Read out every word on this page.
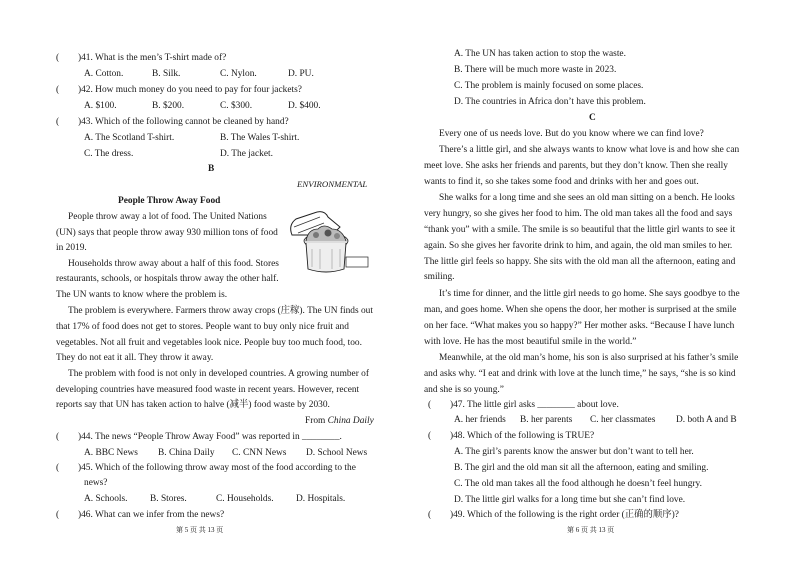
( )41. What is the men’s T-shirt made of?
A. Cotton.	B. Silk.	C. Nylon.	D. PU.
( )42. How much money do you need to pay for four jackets?
A. $100.	B. $200.	C. $300.	D. $400.
( )43. Which of the following cannot be cleaned by hand?
A. The Scotland T-shirt.	B. The Wales T-shirt.
C. The dress.	D. The jacket.
B
ENVIRONMENTAL
People Throw Away Food
People throw away a lot of food. The United Nations
(UN) says that people throw away 930 million tons of food
in 2019.
Households throw away about a half of this food. Stores
restaurants, schools, or hospitals throw away the other half.
The UN wants to know where the problem is.
The problem is everywhere. Farmers throw away crops (庄稼). The UN finds out
that 17% of food does not get to stores. People want to buy only nice fruit and
vegetables. Not all fruit and vegetables look nice. People buy too much food, too.
They do not eat it all. They throw it away.
The problem with food is not only in developed countries. A growing number of
developing countries have measured food waste in recent years. However, recent
reports say that UN has taken action to halve (减半) food waste by 2030.
From China Daily
( )44. The news “People Throw Away Food” was reported in ________.
A. BBC News B. China Daily C. CNN News D. School News
( )45. Which of the following throw away most of the food according to the
news?
A. Schools. B. Stores.	C. Households. D. Hospitals.
( )46. What can we infer from the news?
第 5 页 共 13 页
A. The UN has taken action to stop the waste.
B. There will be much more waste in 2023.
C. The problem is mainly focused on some places.
D. The countries in Africa don’t have this problem.
C
Every one of us needs love. But do you know where we can find love?
There’s a little girl, and she always wants to know what love is and how she can
meet love. She asks her friends and parents, but they don’t know. Then she really
wants to find it, so she takes some food and drinks with her and goes out.
She walks for a long time and she sees an old man sitting on a bench. He looks
very hungry, so she gives her food to him. The old man takes all the food and says
“thank you” with a smile. The smile is so beautiful that the little girl wants to see it
again. So she gives her favorite drink to him, and again, the old man smiles to her.
The little girl feels so happy. She sits with the old man all the afternoon, eating and
smiling.
It’s time for dinner, and the little girl needs to go home. She says goodbye to the
man, and goes home. When she opens the door, her mother is surprised at the smile
on her face. “What makes you so happy?” Her mother asks. “Because I have lunch
with love. He has the most beautiful smile in the world.”
Meanwhile, at the old man’s home, his son is also surprised at his father’s smile
and asks why. “I eat and drink with love at the lunch time,” he says, “she is so kind
and she is so young.”
( )47. The little girl asks ________ about love.
A. her friends B. her parents C. her classmates D. both A and B
( )48. Which of the following is TRUE?
A. The girl’s parents know the answer but don’t want to tell her.
B. The girl and the old man sit all the afternoon, eating and smiling.
C. The old man takes all the food although he doesn’t feel hungry.
D. The little girl walks for a long time but she can’t find love.
( )49. Which of the following is the right order (正确的顺序)?
第 6 页 共 13 页
